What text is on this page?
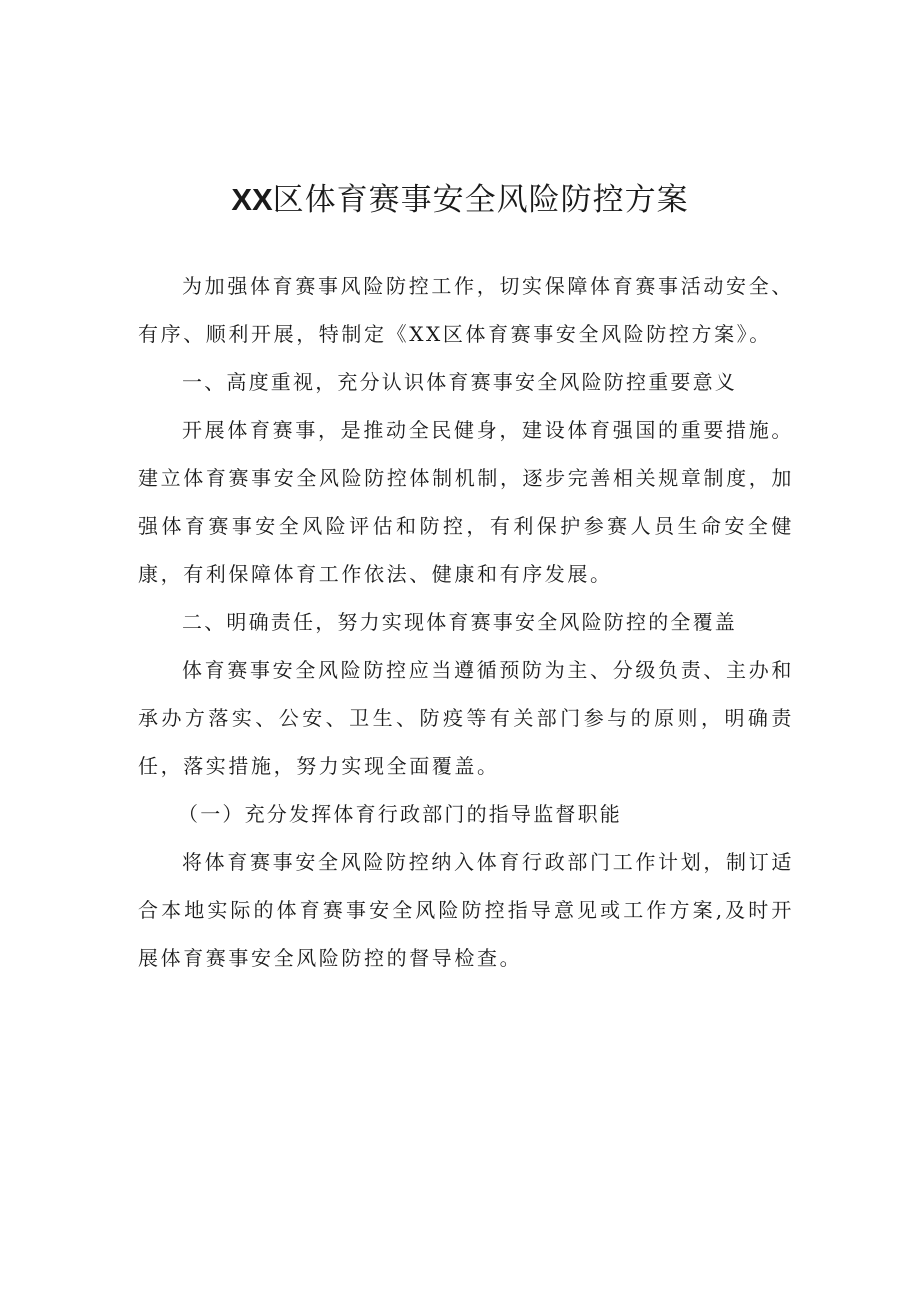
XX区体育赛事安全风险防控方案

为加强体育赛事风险防控工作，切实保障体育赛事活动安全、有序、顺利开展，特制定《XX区体育赛事安全风险防控方案》。

一、高度重视，充分认识体育赛事安全风险防控重要意义

开展体育赛事，是推动全民健身，建设体育强国的重要措施。建立体育赛事安全风险防控体制机制，逐步完善相关规章制度，加强体育赛事安全风险评估和防控，有利保护参赛人员生命安全健康，有利保障体育工作依法、健康和有序发展。

二、明确责任，努力实现体育赛事安全风险防控的全覆盖

体育赛事安全风险防控应当遵循预防为主、分级负责、主办和承办方落实、公安、卫生、防疫等有关部门参与的原则，明确责任，落实措施，努力实现全面覆盖。

（一）充分发挥体育行政部门的指导监督职能

将体育赛事安全风险防控纳入体育行政部门工作计划，制订适合本地实际的体育赛事安全风险防控指导意见或工作方案,及时开展体育赛事安全风险防控的督导检查。
